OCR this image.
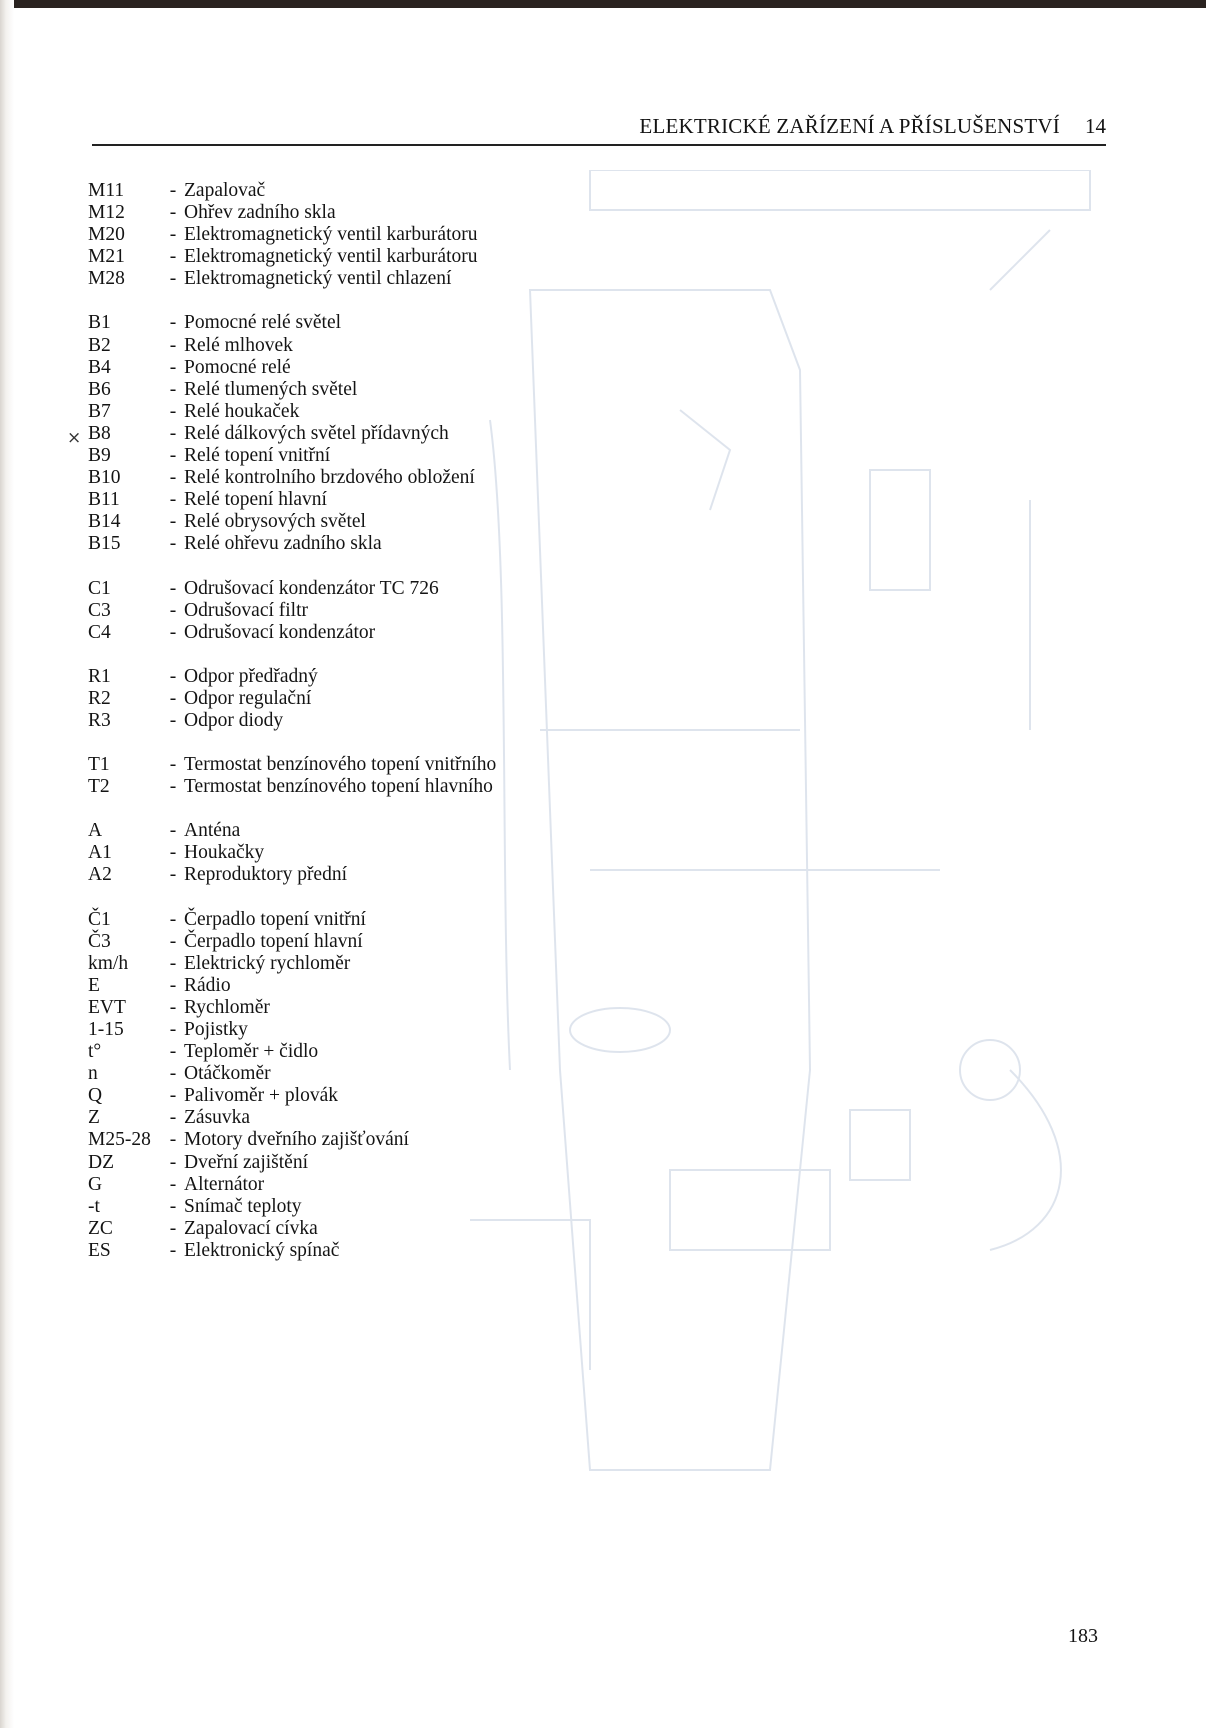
ELEKTRICKÉ ZAŘÍZENÍ A PŘÍSLUŠENSTVÍ 14
×
M11	- Zapalovač
M12	- Ohřev zadního skla
M20	- Elektromagnetický ventil karburátoru
M21	- Elektromagnetický ventil karburátoru
M28	- Elektromagnetický ventil chlazení
B1	- Pomocné relé světel
B2	- Relé mlhovek
B4	- Pomocné relé
B6	- Relé tlumených světel
B7	- Relé houkaček
B8	- Relé dálkových světel přídavných
B9	- Relé topení vnitřní
B10	- Relé kontrolního brzdového obložení
B11	- Relé topení hlavní
B14	- Relé obrysových světel
B15	- Relé ohřevu zadního skla
C1	- Odrušovací kondenzátor TC 726
C3	- Odrušovací filtr
C4	- Odrušovací kondenzátor
R1	- Odpor předřadný
R2	- Odpor regulační
R3	- Odpor diody
T1	- Termostat benzínového topení vnitřního
T2	- Termostat benzínového topení hlavního
A	- Anténa
A1	- Houkačky
A2	- Reproduktory přední
Č1	- Čerpadlo topení vnitřní
Č3	- Čerpadlo topení hlavní
km/h	- Elektrický rychloměr
E	- Rádio
EVT	- Rychloměr
1-15	- Pojistky
t°	- Teploměr + čidlo
n	- Otáčkoměr
Q	- Palivoměr + plovák
Z	- Zásuvka
M25-28 - Motory dveřního zajišťování
DZ	- Dveřní zajištění
G	- Alternátor
-t	- Snímač teploty
ZC	- Zapalovací cívka
ES	- Elektronický spínač
183
